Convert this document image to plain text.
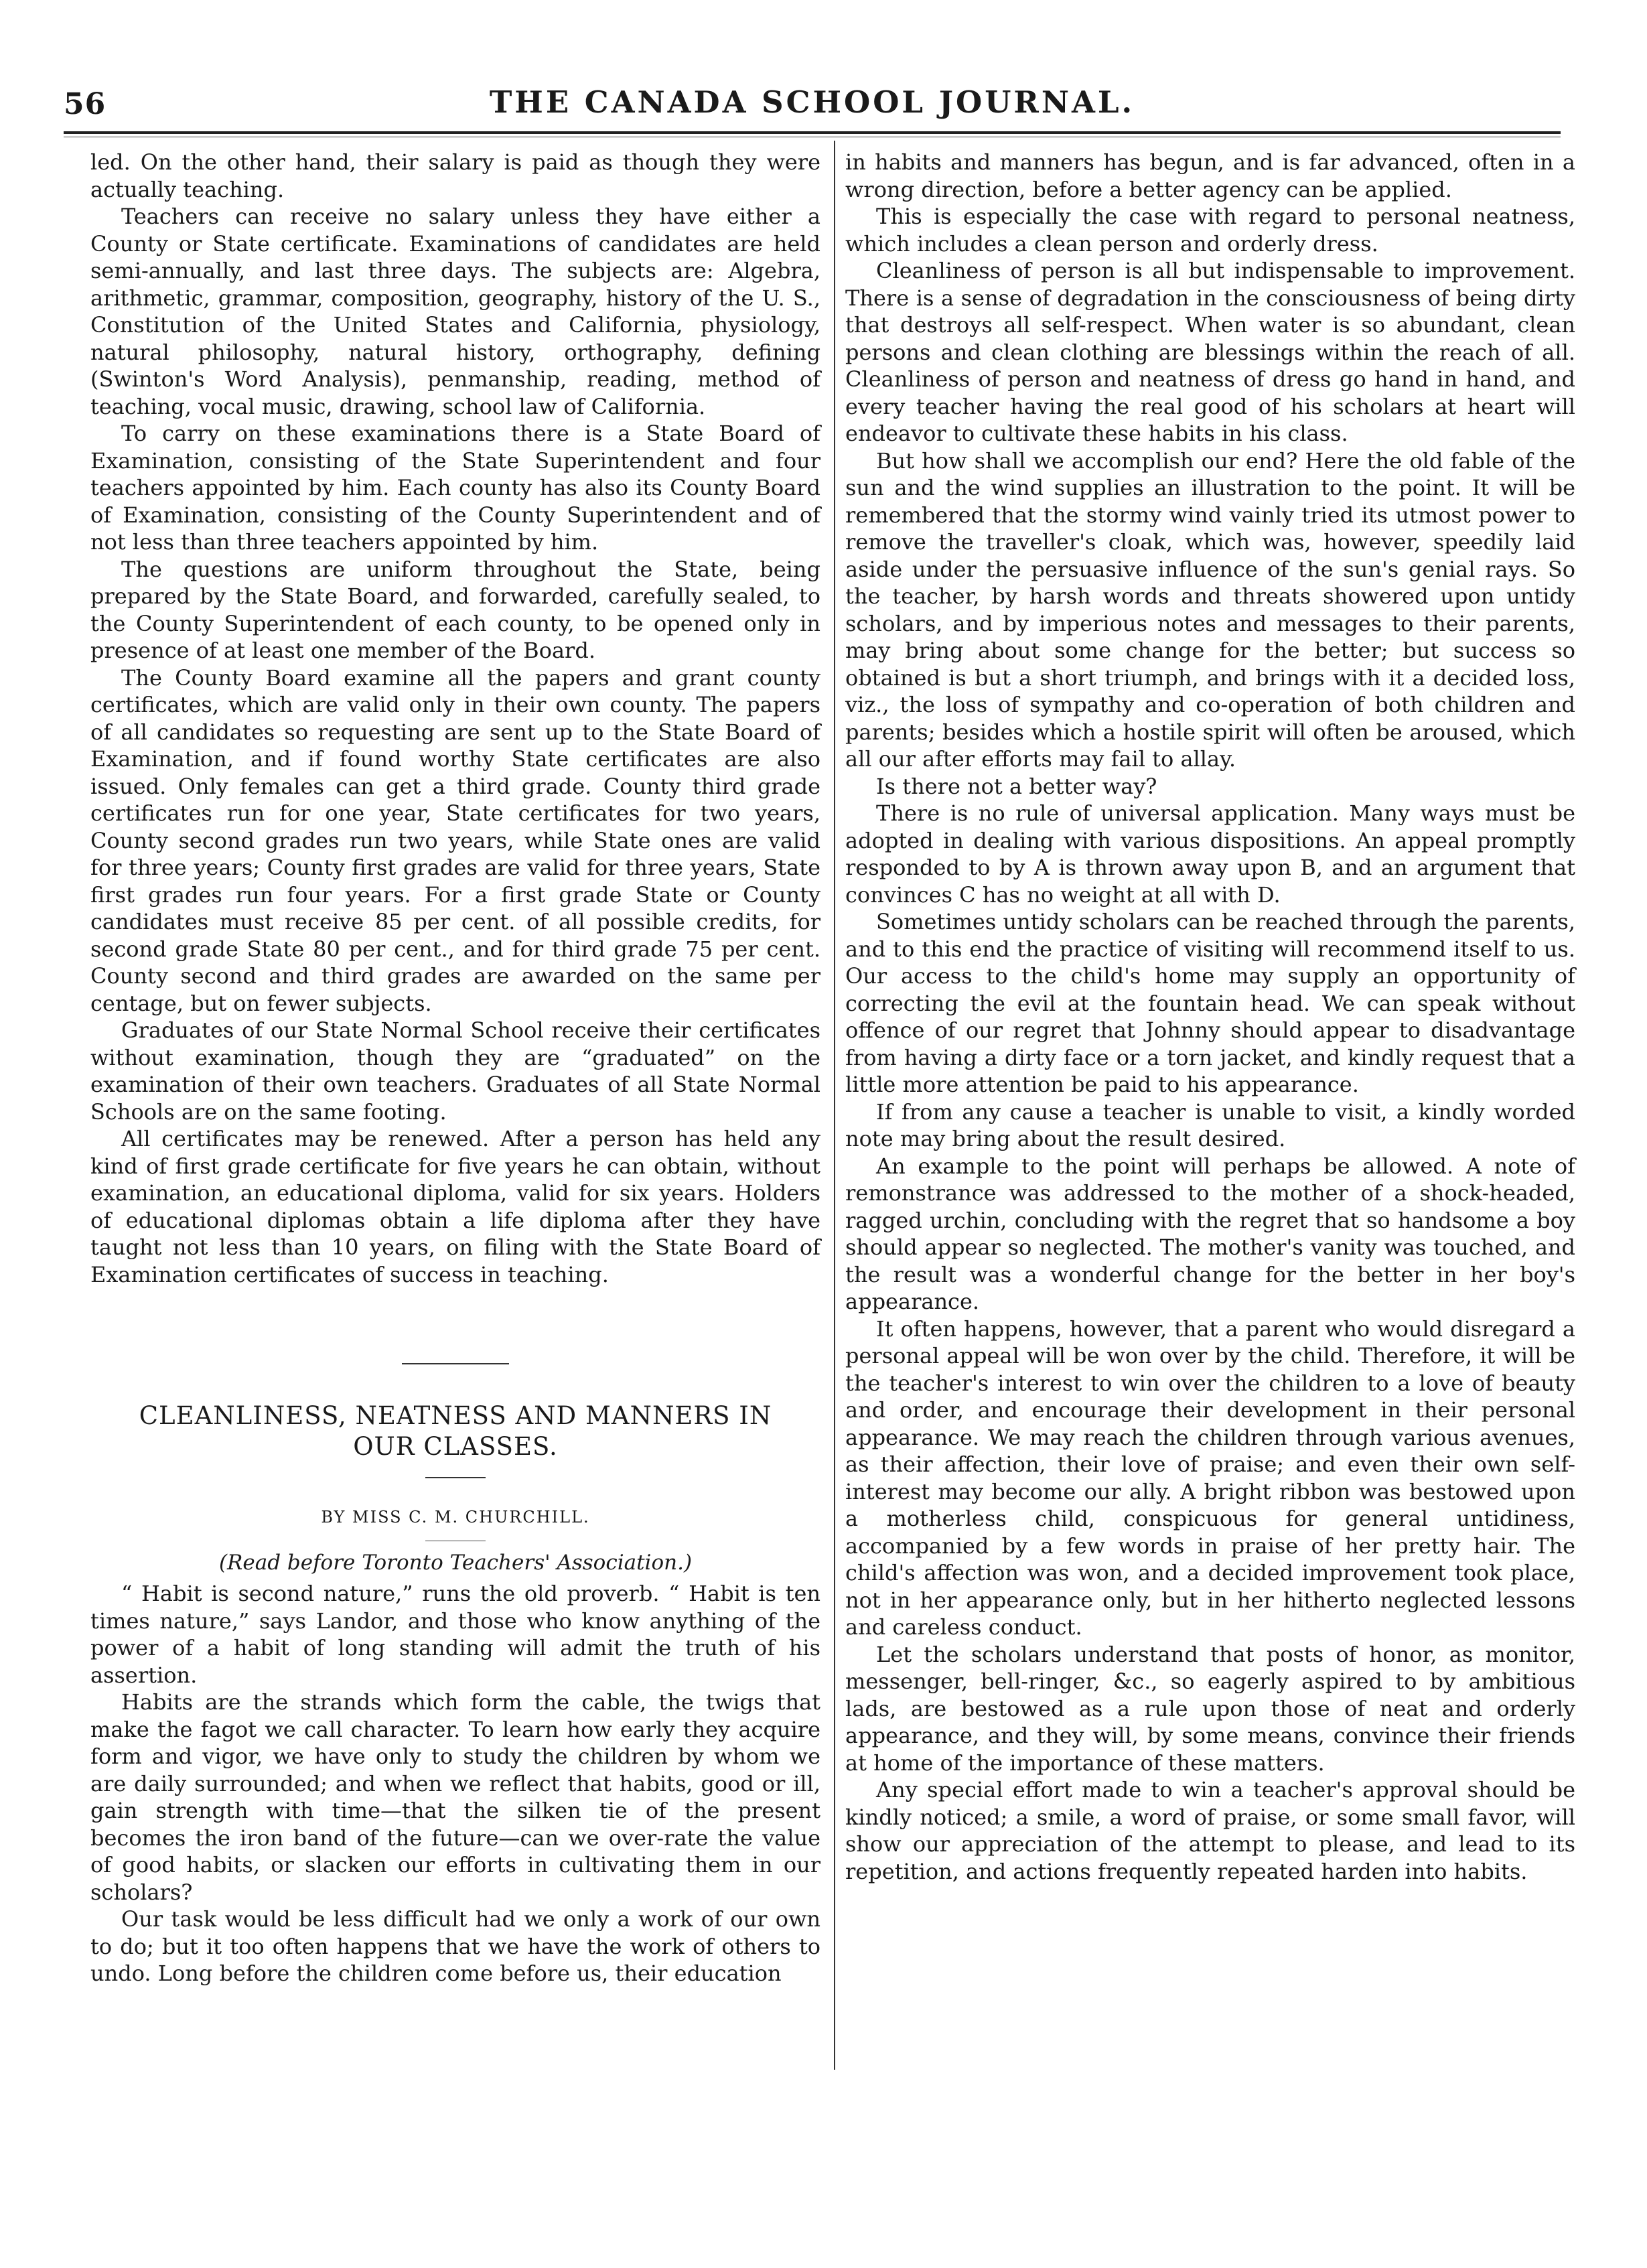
56	THE CANADA SCHOOL JOURNAL.

led. On the other hand, their salary is paid as though they were actually teaching.

Teachers can receive no salary unless they have either a County or State certificate. Examinations of candidates are held semi-annually, and last three days. The subjects are: Algebra, arithmetic, grammar, composition, geography, history of the U. S., Constitution of the United States and California, physiology, natural philosophy, natural history, orthography, defining (Swinton's Word Analysis), penmanship, reading, method of teaching, vocal music, drawing, school law of California.

To carry on these examinations there is a State Board of Examination, consisting of the State Superintendent and four teachers appointed by him. Each county has also its County Board of Examination, consisting of the County Superintendent and of not less than three teachers appointed by him.

The questions are uniform throughout the State, being prepared by the State Board, and forwarded, carefully sealed, to the County Superintendent of each county, to be opened only in presence of at least one member of the Board.

The County Board examine all the papers and grant county certificates, which are valid only in their own county. The papers of all candidates so requesting are sent up to the State Board of Examination, and if found worthy State certificates are also issued. Only females can get a third grade. County third grade certificates run for one year, State certificates for two years, County second grades run two years, while State ones are valid for three years; County first grades are valid for three years, State first grades run four years. For a first grade State or County candidates must receive 85 per cent. of all possible credits, for second grade State 80 per cent., and for third grade 75 per cent. County second and third grades are awarded on the same per centage, but on fewer subjects.

Graduates of our State Normal School receive their certificates without examination, though they are “graduated” on the examination of their own teachers. Graduates of all State Normal Schools are on the same footing.

All certificates may be renewed. After a person has held any kind of first grade certificate for five years he can obtain, without examination, an educational diploma, valid for six years. Holders of educational diplomas obtain a life diploma after they have taught not less than 10 years, on filing with the State Board of Examination certificates of success in teaching.

CLEANLINESS, NEATNESS AND MANNERS IN OUR CLASSES.
BY MISS C. M. CHURCHILL.
(Read before Toronto Teachers' Association.)

“ Habit is second nature,” runs the old proverb. “ Habit is ten times nature,” says Landor, and those who know anything of the power of a habit of long standing will admit the truth of his assertion.

Habits are the strands which form the cable, the twigs that make the fagot we call character. To learn how early they acquire form and vigor, we have only to study the children by whom we are daily surrounded; and when we reflect that habits, good or ill, gain strength with time—that the silken tie of the present becomes the iron band of the future—can we over-rate the value of good habits, or slacken our efforts in cultivating them in our scholars?

Our task would be less difficult had we only a work of our own to do; but it too often happens that we have the work of others to undo. Long before the children come before us, their education

in habits and manners has begun, and is far advanced, often in a wrong direction, before a better agency can be applied.

This is especially the case with regard to personal neatness, which includes a clean person and orderly dress.

Cleanliness of person is all but indispensable to improvement. There is a sense of degradation in the consciousness of being dirty that destroys all self-respect. When water is so abundant, clean persons and clean clothing are blessings within the reach of all. Cleanliness of person and neatness of dress go hand in hand, and every teacher having the real good of his scholars at heart will endeavor to cultivate these habits in his class.

But how shall we accomplish our end? Here the old fable of the sun and the wind supplies an illustration to the point. It will be remembered that the stormy wind vainly tried its utmost power to remove the traveller's cloak, which was, however, speedily laid aside under the persuasive influence of the sun's genial rays. So the teacher, by harsh words and threats showered upon untidy scholars, and by imperious notes and messages to their parents, may bring about some change for the better; but success so obtained is but a short triumph, and brings with it a decided loss, viz., the loss of sympathy and co-operation of both children and parents; besides which a hostile spirit will often be aroused, which all our after efforts may fail to allay.

Is there not a better way?

There is no rule of universal application. Many ways must be adopted in dealing with various dispositions. An appeal promptly responded to by A is thrown away upon B, and an argument that convinces C has no weight at all with D.

Sometimes untidy scholars can be reached through the parents, and to this end the practice of visiting will recommend itself to us. Our access to the child's home may supply an opportunity of correcting the evil at the fountain head. We can speak without offence of our regret that Johnny should appear to disadvantage from having a dirty face or a torn jacket, and kindly request that a little more attention be paid to his appearance.

If from any cause a teacher is unable to visit, a kindly worded note may bring about the result desired.

An example to the point will perhaps be allowed. A note of remonstrance was addressed to the mother of a shock-headed, ragged urchin, concluding with the regret that so handsome a boy should appear so neglected. The mother's vanity was touched, and the result was a wonderful change for the better in her boy's appearance.

It often happens, however, that a parent who would disregard a personal appeal will be won over by the child. Therefore, it will be the teacher's interest to win over the children to a love of beauty and order, and encourage their development in their personal appearance. We may reach the children through various avenues, as their affection, their love of praise; and even their own self-interest may become our ally. A bright ribbon was bestowed upon a motherless child, conspicuous for general untidiness, accompanied by a few words in praise of her pretty hair. The child's affection was won, and a decided improvement took place, not in her appearance only, but in her hitherto neglected lessons and careless conduct.

Let the scholars understand that posts of honor, as monitor, messenger, bell-ringer, &c., so eagerly aspired to by ambitious lads, are bestowed as a rule upon those of neat and orderly appearance, and they will, by some means, convince their friends at home of the importance of these matters.

Any special effort made to win a teacher's approval should be kindly noticed; a smile, a word of praise, or some small favor, will show our appreciation of the attempt to please, and lead to its repetition, and actions frequently repeated harden into habits.
